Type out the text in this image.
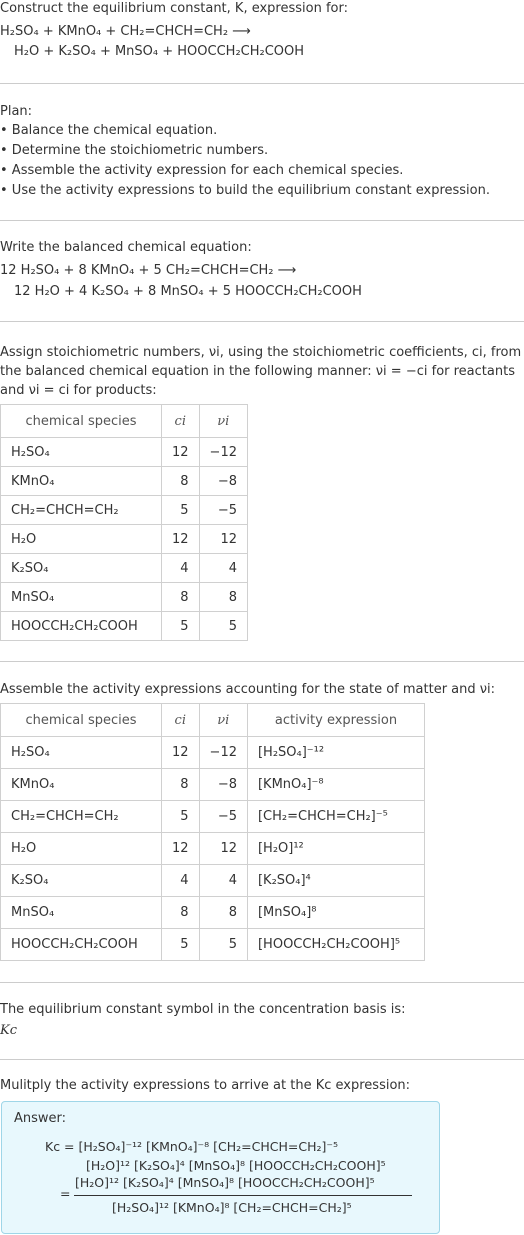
Construct the equilibrium constant, K, expression for:
H₂SO₄ + KMnO₄ + CH₂=CHCH=CH₂ ⟶
H₂O + K₂SO₄ + MnSO₄ + HOOCCH₂CH₂COOH
Plan:
• Balance the chemical equation.
• Determine the stoichiometric numbers.
• Assemble the activity expression for each chemical species.
• Use the activity expressions to build the equilibrium constant expression.
Write the balanced chemical equation:
12 H₂SO₄ + 8 KMnO₄ + 5 CH₂=CHCH=CH₂ ⟶
12 H₂O + 4 K₂SO₄ + 8 MnSO₄ + 5 HOOCCH₂CH₂COOH
Assign stoichiometric numbers, νi, using the stoichiometric coefficients, ci, from
the balanced chemical equation in the following manner: νi = −ci for reactants
and νi = ci for products:
chemical species	ci	νi
H₂SO₄	12	−12
KMnO₄	8	−8
CH₂=CHCH=CH₂	5	−5
H₂O	12	12
K₂SO₄	4	4
MnSO₄	8	8
HOOCCH₂CH₂COOH	5	5
Assemble the activity expressions accounting for the state of matter and νi:
chemical species	ci	νi	activity expression
H₂SO₄	12	−12	[H₂SO₄]⁻¹²
KMnO₄	8	−8	[KMnO₄]⁻⁸
CH₂=CHCH=CH₂	5	−5	[CH₂=CHCH=CH₂]⁻⁵
H₂O	12	12	[H₂O]¹²
K₂SO₄	4	4	[K₂SO₄]⁴
MnSO₄	8	8	[MnSO₄]⁸
HOOCCH₂CH₂COOH	5	5	[HOOCCH₂CH₂COOH]⁵
The equilibrium constant symbol in the concentration basis is:
Kc
Mulitply the activity expressions to arrive at the Kc expression:
Answer:
Kc = [H₂SO₄]⁻¹² [KMnO₄]⁻⁸ [CH₂=CHCH=CH₂]⁻⁵
[H₂O]¹² [K₂SO₄]⁴ [MnSO₄]⁸ [HOOCCH₂CH₂COOH]⁵
=
[H₂O]¹² [K₂SO₄]⁴ [MnSO₄]⁸ [HOOCCH₂CH₂COOH]⁵
[H₂SO₄]¹² [KMnO₄]⁸ [CH₂=CHCH=CH₂]⁵
